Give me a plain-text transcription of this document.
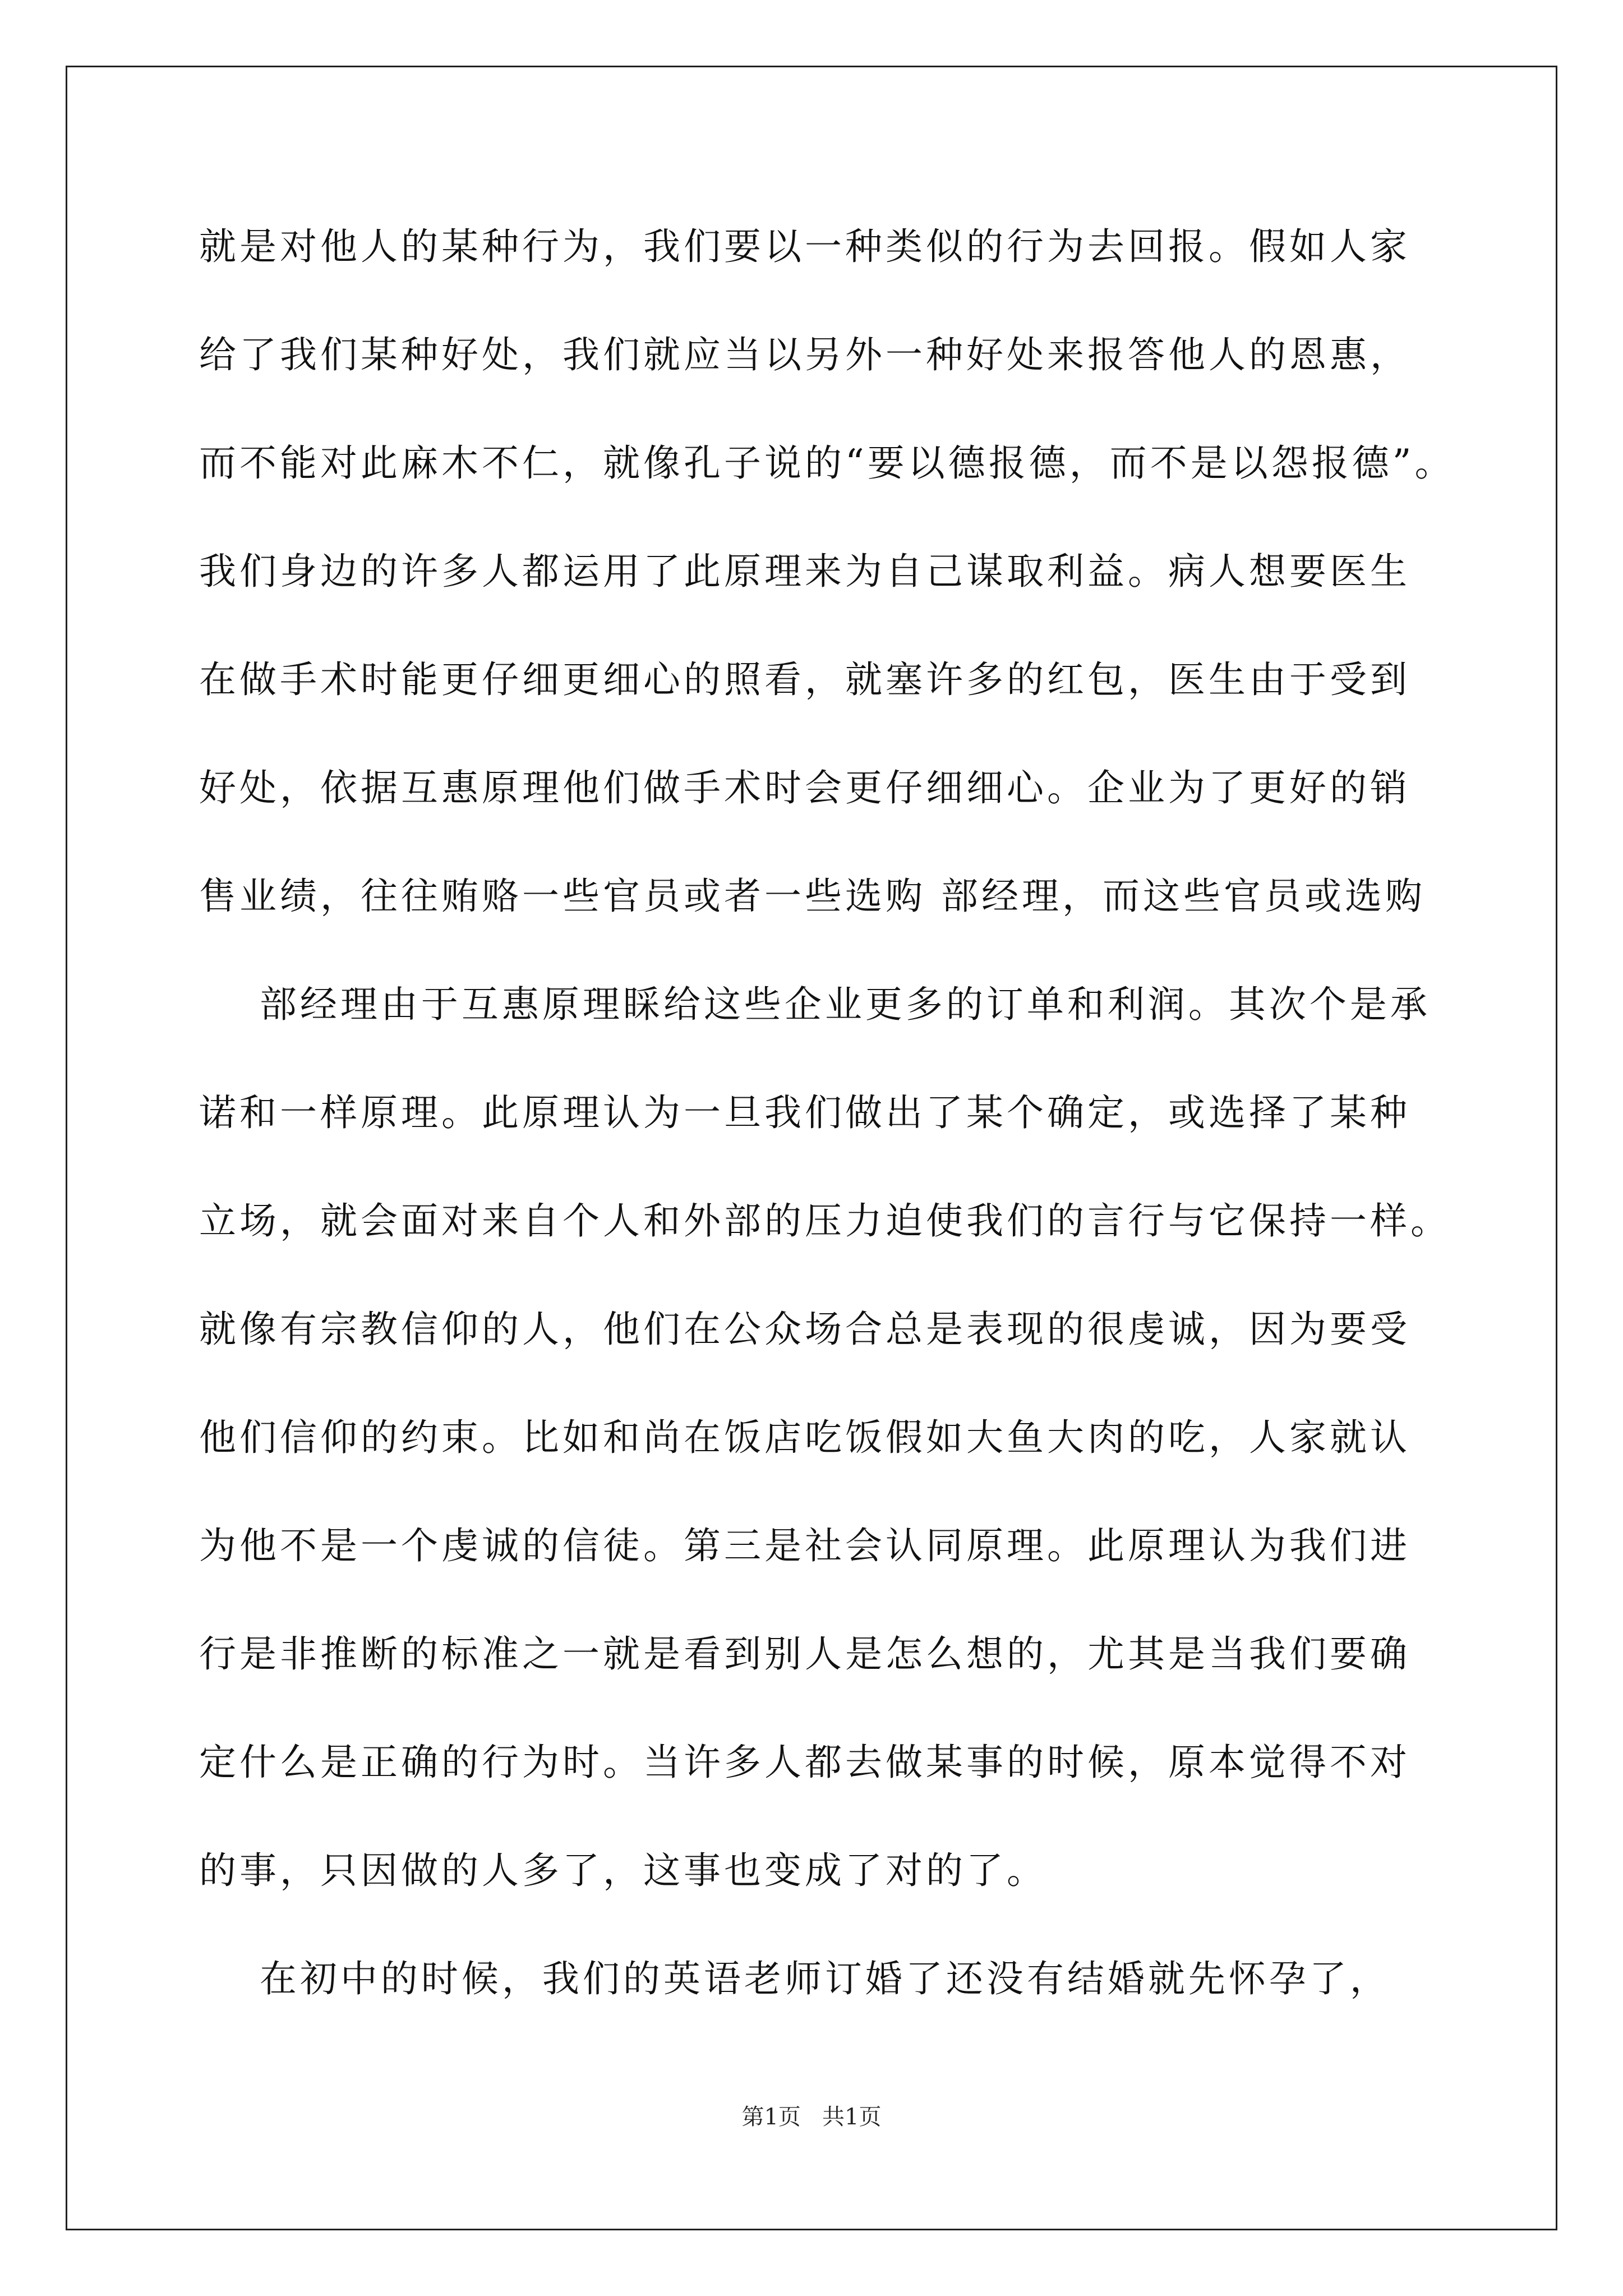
就是对他人的某种行为，我们要以一种类似的行为去回报。假如人家
给了我们某种好处，我们就应当以另外一种好处来报答他人的恩惠，
而不能对此麻木不仁，就像孔子说的“要以德报德，而不是以怨报德”。
我们身边的许多人都运用了此原理来为自己谋取利益。病人想要医生
在做手术时能更仔细更细心的照看，就塞许多的红包，医生由于受到
好处，依据互惠原理他们做手术时会更仔细细心。企业为了更好的销
售业绩，往往贿赂一些官员或者一些选购 部经理，而这些官员或选购
部经理由于互惠原理睬给这些企业更多的订单和利润。其次个是承
诺和一样原理。此原理认为一旦我们做出了某个确定，或选择了某种
立场，就会面对来自个人和外部的压力迫使我们的言行与它保持一样。
就像有宗教信仰的人，他们在公众场合总是表现的很虔诚，因为要受
他们信仰的约束。比如和尚在饭店吃饭假如大鱼大肉的吃，人家就认
为他不是一个虔诚的信徒。第三是社会认同原理。此原理认为我们进
行是非推断的标准之一就是看到别人是怎么想的，尤其是当我们要确
定什么是正确的行为时。当许多人都去做某事的时候，原本觉得不对
的事，只因做的人多了，这事也变成了对的了。
在初中的时候，我们的英语老师订婚了还没有结婚就先怀孕了，
第1页   共1页
